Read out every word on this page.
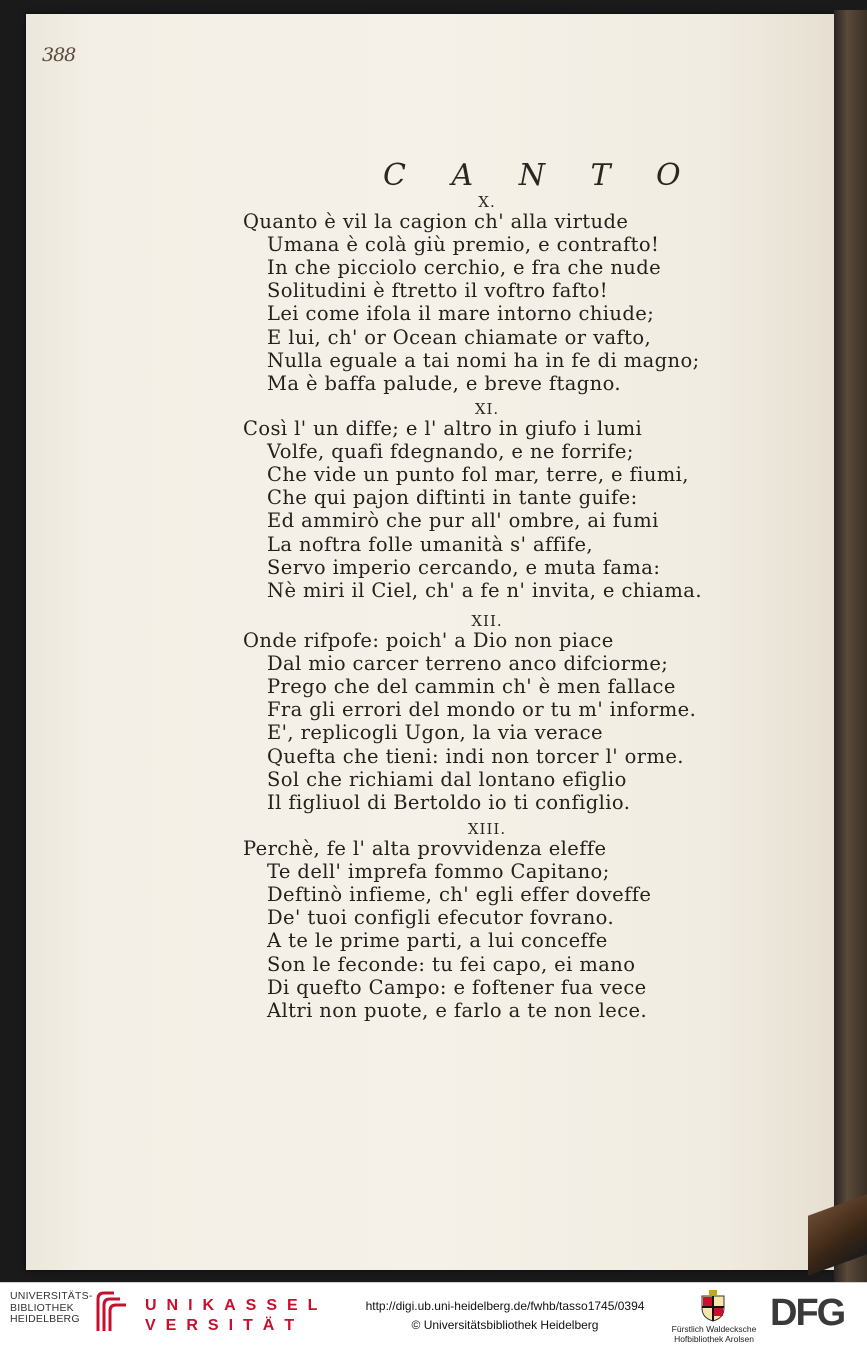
388
C A N T O
X.
Quanto è vil la cagion ch' alla virtude
Umana è colà giù premio, e contrafto!
In che picciolo cerchio, e fra che nude
Solitudini è ftretto il voftro fafto!
Lei come ifola il mare intorno chiude;
E lui, ch' or Ocean chiamate or vafto,
Nulla eguale a tai nomi ha in fe di magno;
Ma è baffa palude, e breve ftagno.
XI.
Così l' un diffe; e l' altro in giufo i lumi
Volfe, quafi fdegnando, e ne forrife;
Che vide un punto fol mar, terre, e fiumi,
Che qui pajon diftinti in tante guife:
Ed ammirò che pur all' ombre, ai fumi
La noftra folle umanità s' affife,
Servo imperio cercando, e muta fama:
Nè miri il Ciel, ch' a fe n' invita, e chiama.
XII.
Onde rifpofe: poich' a Dio non piace
Dal mio carcer terreno anco difciorme;
Prego che del cammin ch' è men fallace
Fra gli errori del mondo or tu m' informe.
E', replicogli Ugon, la via verace
Quefta che tieni: indi non torcer l' orme.
Sol che richiami dal lontano efiglio
Il figliuol di Bertoldo io ti configlio.
XIII.
Perchè, fe l' alta provvidenza eleffe
Te dell' imprefa fommo Capitano;
Deftinò infieme, ch' egli effer doveffe
De' tuoi configli efecutor fovrano.
A te le prime parti, a lui conceffe
Son le feconde: tu fei capo, ei mano
Di quefto Campo: e foftener fua vece
Altri non puote, e farlo a te non lece.
UNIVERSITÄTS-
BIBLIOTHEK
HEIDELBERG
UNIKASSEL
VERSITÄT
http://digi.ub.uni-heidelberg.de/fwhb/tasso1745/0394
© Universitätsbibliothek Heidelberg	Fürstlich Waldecksche
Hofbibliothek Arolsen
DFG
